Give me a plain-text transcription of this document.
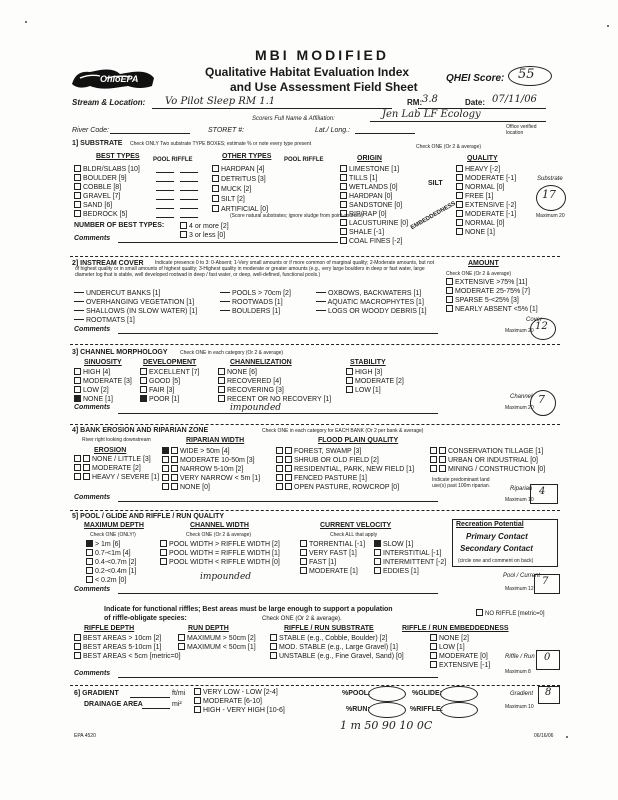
MBI MODIFIED
OhioEPA	Qualitative Habitat Evaluation Index
and Use Assessment Field Sheet
QHEI Score: 55
Stream & Location: Vo Pilot Sleep RM 1.1	RM: 3.8	Date: 07/11/06
Scorers Full Name & Affiliation:	Jen Lab LF Ecology
River Code:	STORET #:	Lat./ Long.:	Office verified location
1] SUBSTRATE Check ONLY Two substrate TYPE BOXES; estimate % or note every type present	Check ONE (Or 2 & average)
BEST TYPES POOL RIFFLE	OTHER TYPES POOL RIFFLE	ORIGIN	QUALITY
BLDR/SLABS [10]
BOULDER [9]
COBBLE [8]
GRAVEL [7]
SAND [6]
BEDROCK [5]
HARDPAN [4]
DETRITUS [3]
MUCK [2]
SILT [2]
ARTIFICIAL [0]
(Score natural substrates; ignore sludge from point-sources)
LIMESTONE [1]
TILLS [1]
WETLANDS [0]
HARDPAN [0]
SANDSTONE [0]
RIP/RAP [0]
LACUSTURINE [0]
SHALE [-1]
COAL FINES [-2]
SILT
EMBEDDEDNESS
HEAVY [-2]
MODERATE [-1]
NORMAL [0]
FREE [1]
EXTENSIVE [-2]
MODERATE [-1]
NORMAL [0]
NONE [1]
NUMBER OF BEST TYPES:	4 or more [2]
3 or less [0]
Comments
Substrate
17
Maximum 20
2] INSTREAM COVER	Indicate presence 0 to 3: 0-Absent; 1-Very small amounts or if more common of marginal quality; 2-Moderate amounts, but not of highest quality or in small amounts of highest quality; 3-Highest quality in moderate or greater amounts (e.g., very large boulders in deep or fast water, large diameter log that is stable, well developed rootwad in deep / fast water, or deep, well-defined, functional pools.)
AMOUNT
Check ONE (Or 2 & average)
UNDERCUT BANKS [1]
OVERHANGING VEGETATION [1]
SHALLOWS (IN SLOW WATER) [1]
ROOTMATS [1]
POOLS > 70cm [2]
ROOTWADS [1]
BOULDERS [1]
OXBOWS, BACKWATERS [1]
AQUATIC MACROPHYTES [1]
LOGS OR WOODY DEBRIS [1]
EXTENSIVE >75% [11]
MODERATE 25-75% [7]
SPARSE 5-<25% [3]
NEARLY ABSENT <5% [1]
Comments
Cover
12
Maximum 20
3] CHANNEL MORPHOLOGY Check ONE in each category (Or 2 & average)
SINUOSITY	DEVELOPMENT	CHANNELIZATION	STABILITY
HIGH [4]
MODERATE [3]
LOW [2]
NONE [1]
EXCELLENT [7]
GOOD [5]
FAIR [3]
POOR [1]
NONE [6]
RECOVERED [4]
RECOVERING [3]
RECENT OR NO RECOVERY [1]
HIGH [3]
MODERATE [2]
LOW [1]
Comments	impounded
Channel 7
Maximum 20
4] BANK EROSION AND RIPARIAN ZONE	Check ONE in each category for EACH BANK (Or 2 per bank & average)
River right looking downstream	RIPARIAN WIDTH	FLOOD PLAIN QUALITY
EROSION
NONE / LITTLE [3]
MODERATE [2]
HEAVY / SEVERE [1]
WIDE > 50m [4]
MODERATE 10-50m [3]
NARROW 5-10m [2]
VERY NARROW < 5m [1]
NONE [0]
FOREST, SWAMP [3]
SHRUB OR OLD FIELD [2]
RESIDENTIAL, PARK, NEW FIELD [1]
FENCED PASTURE [1]
OPEN PASTURE, ROWCROP [0]
CONSERVATION TILLAGE [1]
URBAN OR INDUSTRIAL [0]
MINING / CONSTRUCTION [0]
Indicate predominant land use(s) past 100m riparian.
Comments
Riparian 4
Maximum 10
5] POOL / GLIDE AND RIFFLE / RUN QUALITY
MAXIMUM DEPTH
Check ONE (ONLY!)
> 1m [6]
0.7-<1m [4]
0.4-<0.7m [2]
0.2-<0.4m [1]
< 0.2m [0]
CHANNEL WIDTH
Check ONE (Or 2 & average)
POOL WIDTH > RIFFLE WIDTH [2]
POOL WIDTH = RIFFLE WIDTH [1]
POOL WIDTH < RIFFLE WIDTH [0]
impounded
CURRENT VELOCITY
Check ALL that apply
TORRENTIAL [-1]
VERY FAST [1]
FAST [1]
MODERATE [1]
SLOW [1]
INTERSTITIAL [-1]
INTERMITTENT [-2]
EDDIES [1]
Recreation Potential
Primary Contact
Secondary Contact
(circle one and comment on back)
Comments
Pool / Current 7
Maximum 12
Indicate for functional riffles; Best areas must be large enough to support a population
of riffle-obligate species:	Check ONE (Or 2 & average).
NO RIFFLE [metric=0]
RIFFLE DEPTH	RUN DEPTH	RIFFLE / RUN SUBSTRATE	RIFFLE / RUN EMBEDDEDNESS
BEST AREAS > 10cm [2]
BEST AREAS 5-10cm [1]
BEST AREAS < 5cm [metric=0]
MAXIMUM > 50cm [2]
MAXIMUM < 50cm [1]
STABLE (e.g., Cobble, Boulder) [2]
MOD. STABLE (e.g., Large Gravel) [1]
UNSTABLE (e.g., Fine Gravel, Sand) [0]
NONE [2]
LOW [1]
MODERATE [0]
EXTENSIVE [-1]
Comments
Riffle / Run 0
Maximum 8
6] GRADIENT	ft/mi
DRAINAGE AREA	mi²
VERY LOW - LOW [2-4]
MODERATE [6-10]
HIGH - VERY HIGH [10-6]
%POOL:	%GLIDE:
%RUN:	%RIFFLE:
Gradient 8
Maximum 10
EPA 4520
1 m 50 90 10 0C
06/16/06
